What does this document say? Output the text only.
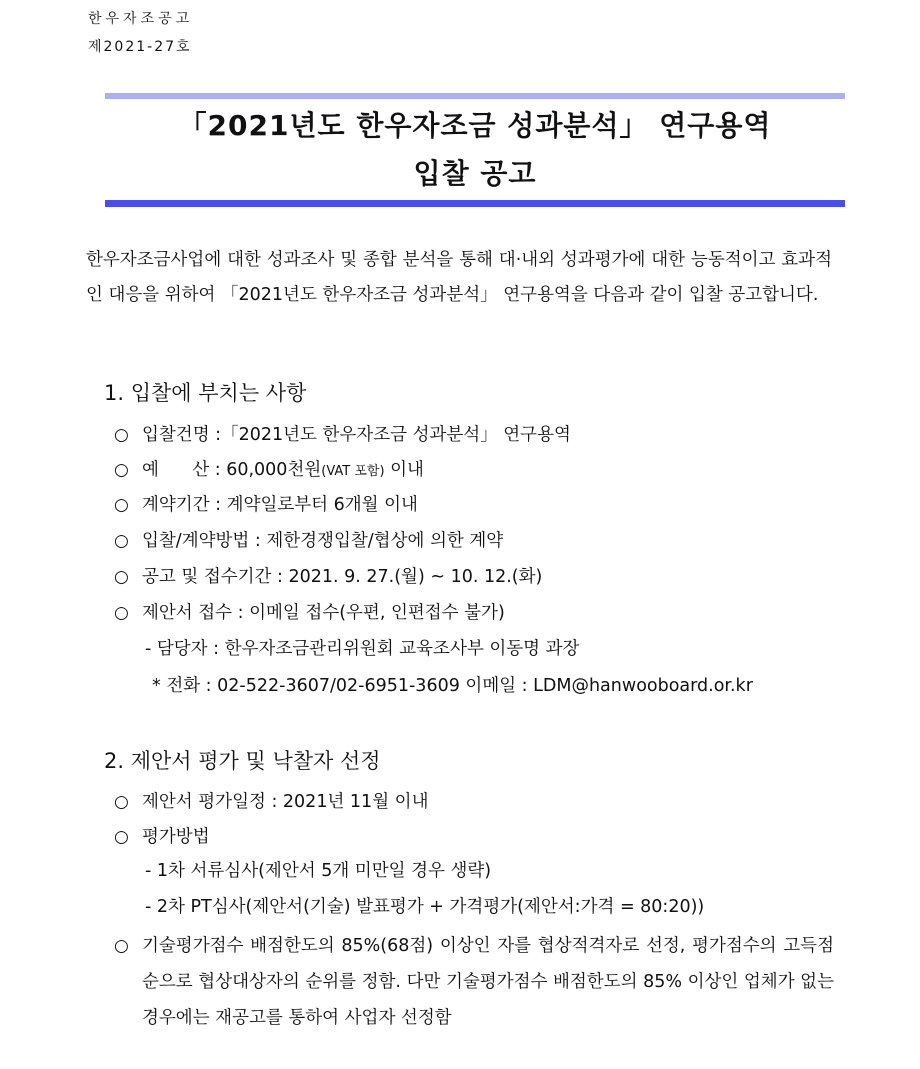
한우자조공고
제2021-27호
「2021년도 한우자조금 성과분석」 연구용역
입찰 공고
한우자조금사업에 대한 성과조사 및 종합 분석을 통해 대·내외 성과평가에 대한 능동적이고 효과적인 대응을 위하여 「2021년도 한우자조금 성과분석」 연구용역을 다음과 같이 입찰 공고합니다.
1. 입찰에 부치는 사항
○ 입찰건명 :「2021년도 한우자조금 성과분석」 연구용역
○ 예      산 : 60,000천원(VAT 포함) 이내
○ 계약기간 : 계약일로부터 6개월 이내
○ 입찰/계약방법 : 제한경쟁입찰/협상에 의한 계약
○ 공고 및 접수기간 : 2021. 9. 27.(월) ~ 10. 12.(화)
○ 제안서 접수 : 이메일 접수(우편, 인편접수 불가)
- 담당자 : 한우자조금관리위원회 교육조사부 이동명 과장
* 전화 : 02-522-3607/02-6951-3609 이메일 : LDM@hanwooboard.or.kr
2. 제안서 평가 및 낙찰자 선정
○ 제안서 평가일정 : 2021년 11월 이내
○ 평가방법
- 1차 서류심사(제안서 5개 미만일 경우 생략)
- 2차 PT심사(제안서(기술) 발표평가 + 가격평가(제안서:가격 = 80:20))
○ 기술평가점수 배점한도의 85%(68점) 이상인 자를 협상적격자로 선정, 평가점수의 고득점 순으로 협상대상자의 순위를 정함. 다만 기술평가점수 배점한도의 85% 이상인 업체가 없는 경우에는 재공고를 통하여 사업자 선정함
